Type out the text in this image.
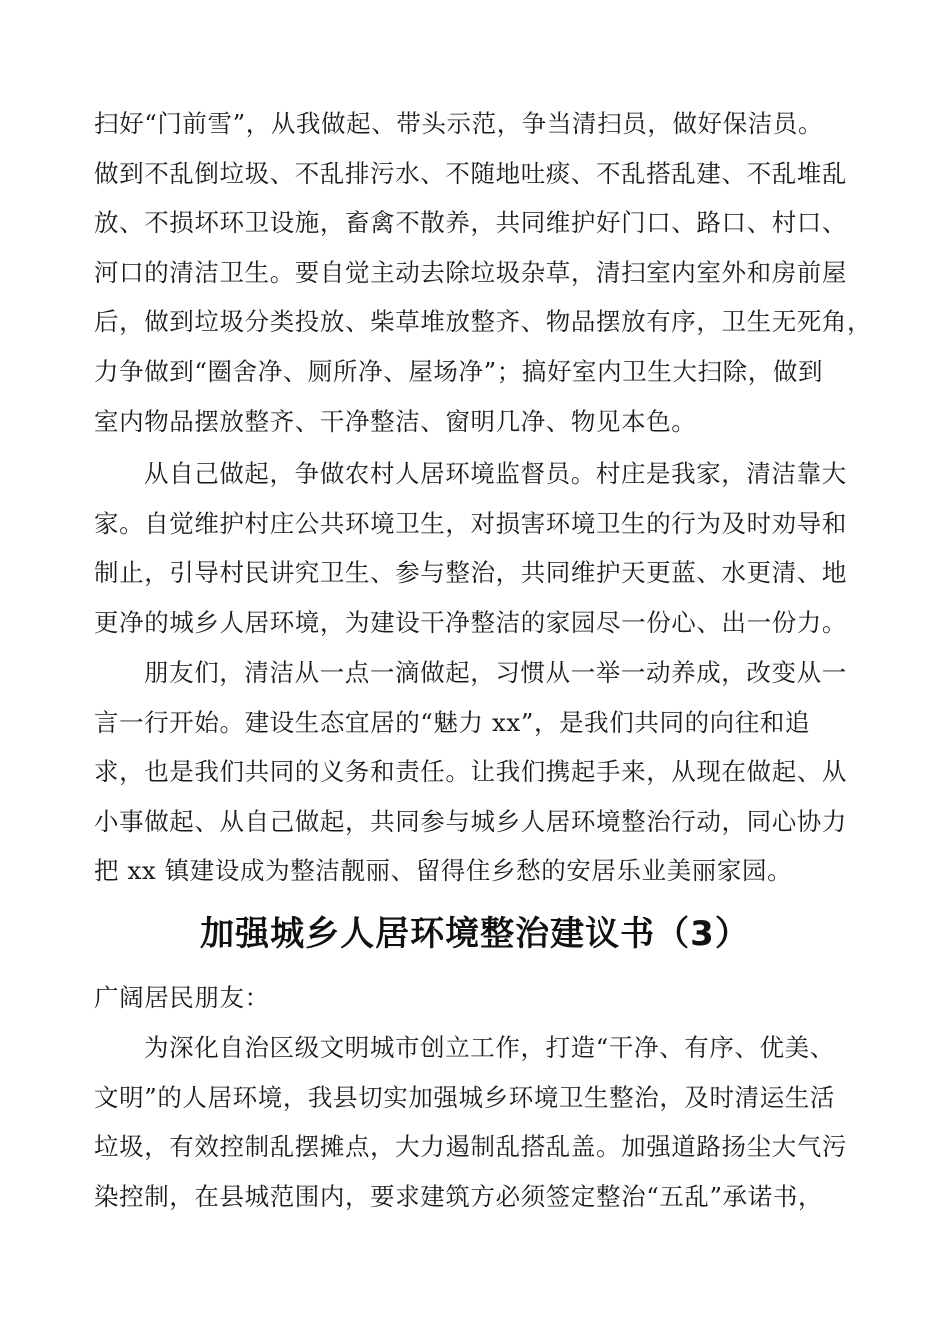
扫好“门前雪”，从我做起、带头示范，争当清扫员，做好保洁员。
做到不乱倒垃圾、不乱排污水、不随地吐痰、不乱搭乱建、不乱堆乱
放、不损坏环卫设施，畜禽不散养，共同维护好门口、路口、村口、
河口的清洁卫生。要自觉主动去除垃圾杂草，清扫室内室外和房前屋
后，做到垃圾分类投放、柴草堆放整齐、物品摆放有序，卫生无死角，
力争做到“圈舍净、厕所净、屋场净”；搞好室内卫生大扫除，做到
室内物品摆放整齐、干净整洁、窗明几净、物见本色。
从自己做起，争做农村人居环境监督员。村庄是我家，清洁靠大
家。自觉维护村庄公共环境卫生，对损害环境卫生的行为及时劝导和
制止，引导村民讲究卫生、参与整治，共同维护天更蓝、水更清、地
更净的城乡人居环境，为建设干净整洁的家园尽一份心、出一份力。
朋友们，清洁从一点一滴做起，习惯从一举一动养成，改变从一
言一行开始。建设生态宜居的“魅力 xx”，是我们共同的向往和追
求，也是我们共同的义务和责任。让我们携起手来，从现在做起、从
小事做起、从自己做起，共同参与城乡人居环境整治行动，同心协力
把 xx 镇建设成为整洁靓丽、留得住乡愁的安居乐业美丽家园。
加强城乡人居环境整治建议书（3）
广阔居民朋友：
为深化自治区级文明城市创立工作，打造“干净、有序、优美、
文明”的人居环境，我县切实加强城乡环境卫生整治，及时清运生活
垃圾，有效控制乱摆摊点，大力遏制乱搭乱盖。加强道路扬尘大气污
染控制，在县城范围内，要求建筑方必须签定整治“五乱”承诺书，
